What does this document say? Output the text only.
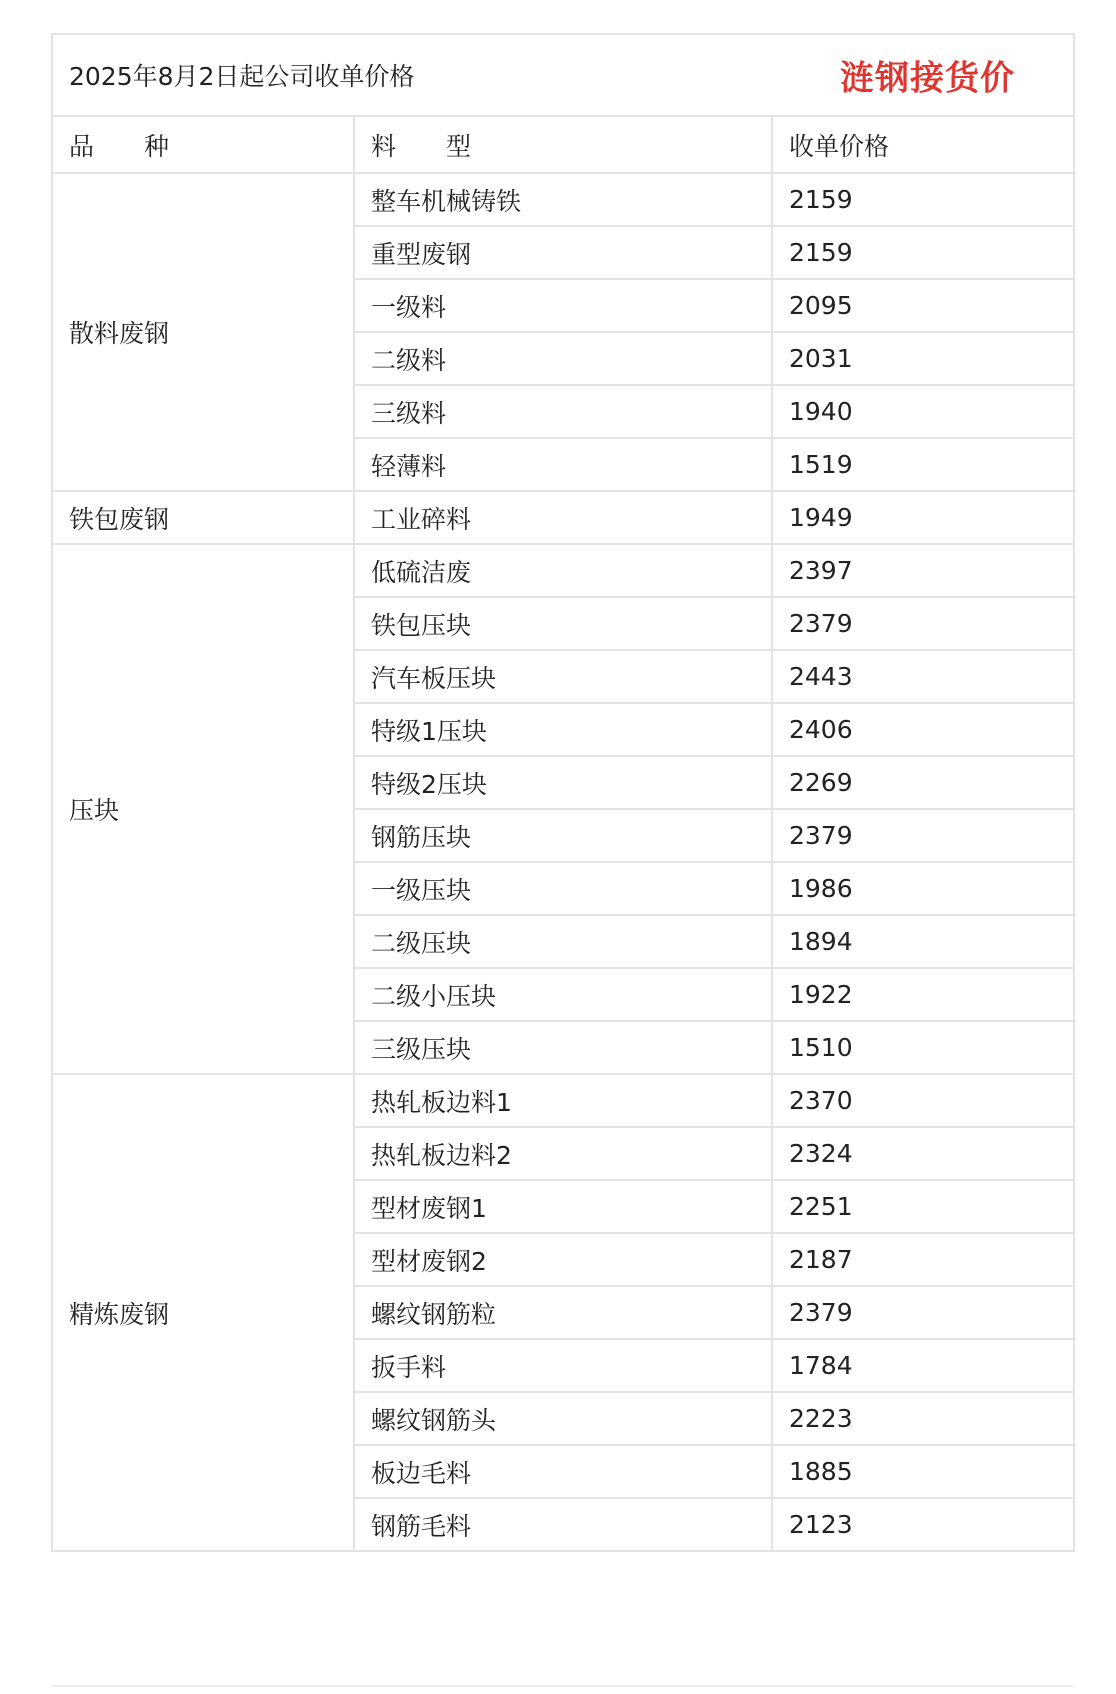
2025年8月2日起公司收单价格 涟钢接货价		

品　　种	料　　型	收单价格
散料废钢	整车机械铸铁	2159
	重型废钢	2159
	一级料	2095
	二级料	2031
	三级料	1940
	轻薄料	1519
铁包废钢	工业碎料	1949
压块	低硫洁废	2397
	铁包压块	2379
	汽车板压块	2443
	特级1压块	2406
	特级2压块	2269
	钢筋压块	2379
	一级压块	1986
	二级压块	1894
	二级小压块	1922
	三级压块	1510
精炼废钢	热轧板边料1	2370
	热轧板边料2	2324
	型材废钢1	2251
	型材废钢2	2187
	螺纹钢筋粒	2379
	扳手料	1784
	螺纹钢筋头	2223
	板边毛料	1885
	钢筋毛料	2123
